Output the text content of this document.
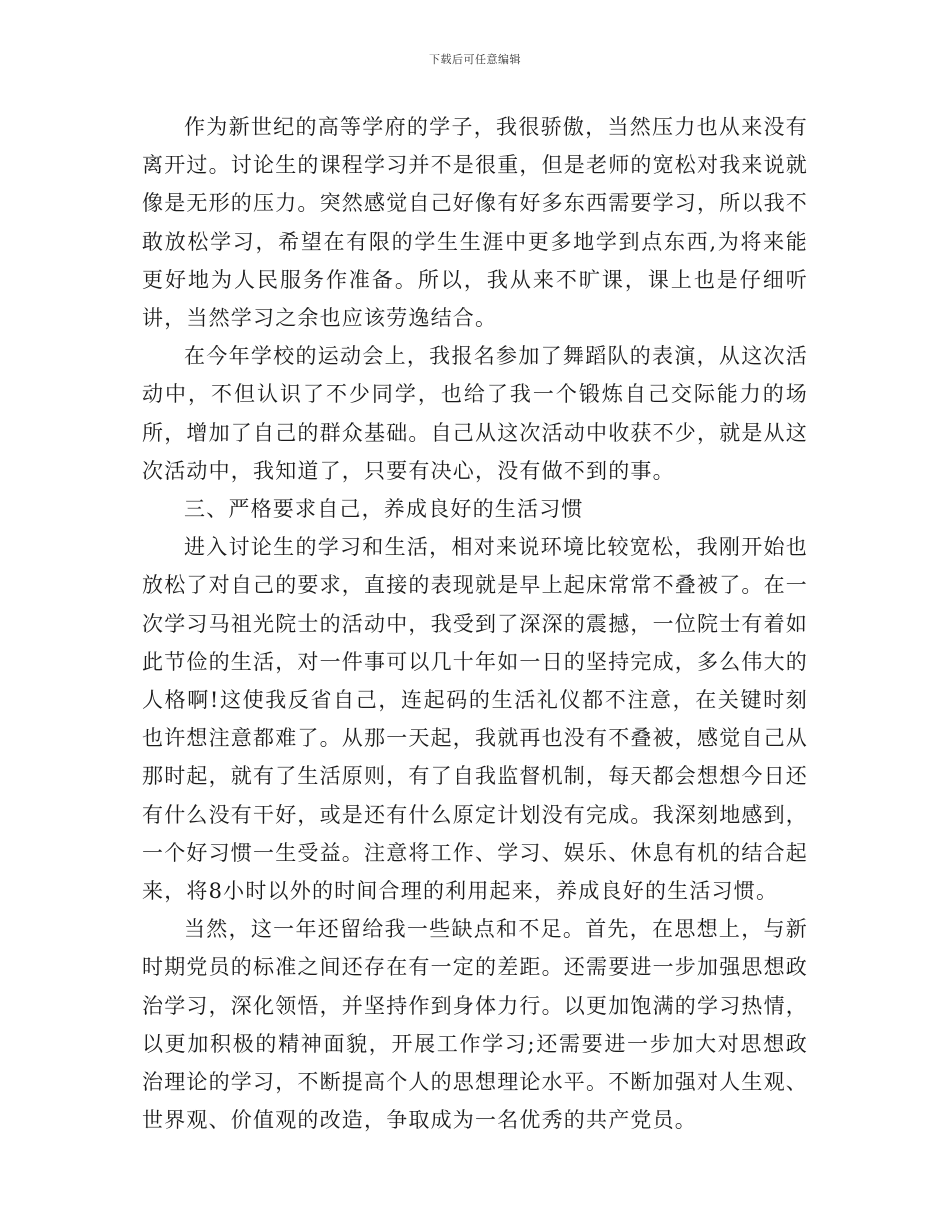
下载后可任意编辑

作为新世纪的高等学府的学子，我很骄傲，当然压力也从来没有离开过。讨论生的课程学习并不是很重，但是老师的宽松对我来说就像是无形的压力。突然感觉自己好像有好多东西需要学习，所以我不敢放松学习，希望在有限的学生生涯中更多地学到点东西,为将来能更好地为人民服务作准备。所以，我从来不旷课，课上也是仔细听讲，当然学习之余也应该劳逸结合。

在今年学校的运动会上，我报名参加了舞蹈队的表演，从这次活动中，不但认识了不少同学，也给了我一个锻炼自己交际能力的场所，增加了自己的群众基础。自己从这次活动中收获不少，就是从这次活动中，我知道了，只要有决心，没有做不到的事。

三、严格要求自己，养成良好的生活习惯

进入讨论生的学习和生活，相对来说环境比较宽松，我刚开始也放松了对自己的要求，直接的表现就是早上起床常常不叠被了。在一次学习马祖光院士的活动中，我受到了深深的震撼，一位院士有着如此节俭的生活，对一件事可以几十年如一日的坚持完成，多么伟大的人格啊!这使我反省自己，连起码的生活礼仪都不注意，在关键时刻也许想注意都难了。从那一天起，我就再也没有不叠被，感觉自己从那时起，就有了生活原则，有了自我监督机制，每天都会想想今日还有什么没有干好，或是还有什么原定计划没有完成。我深刻地感到，一个好习惯一生受益。注意将工作、学习、娱乐、休息有机的结合起来，将8小时以外的时间合理的利用起来，养成良好的生活习惯。

当然，这一年还留给我一些缺点和不足。首先，在思想上，与新时期党员的标准之间还存在有一定的差距。还需要进一步加强思想政治学习，深化领悟，并坚持作到身体力行。以更加饱满的学习热情，以更加积极的精神面貌，开展工作学习;还需要进一步加大对思想政治理论的学习，不断提高个人的思想理论水平。不断加强对人生观、世界观、价值观的改造，争取成为一名优秀的共产党员。
